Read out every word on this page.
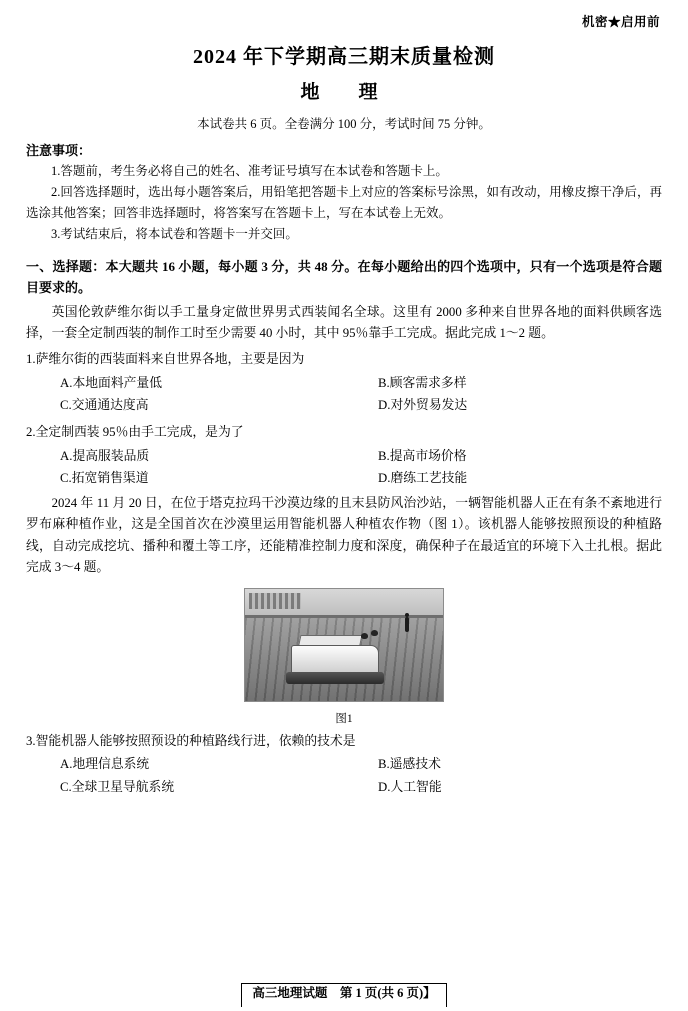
机密★启用前
2024 年下学期高三期末质量检测
地　理
本试卷共 6 页。全卷满分 100 分，考试时间 75 分钟。
注意事项：
1.答题前，考生务必将自己的姓名、准考证号填写在本试卷和答题卡上。
2.回答选择题时，选出每小题答案后，用铅笔把答题卡上对应的答案标号涂黑，如有改动，用橡皮擦干净后，再选涂其他答案；回答非选择题时，将答案写在答题卡上，写在本试卷上无效。
3.考试结束后，将本试卷和答题卡一并交回。
一、选择题：本大题共 16 小题，每小题 3 分，共 48 分。在每小题给出的四个选项中，只有一个选项是符合题目要求的。
英国伦敦萨维尔街以手工量身定做世界男式西装闻名全球。这里有 2000 多种来自世界各地的面料供顾客选择，一套全定制西装的制作工时至少需要 40 小时，其中 95％靠手工完成。据此完成 1～2 题。
1.萨维尔街的西装面料来自世界各地，主要是因为
A.本地面料产量低	B.顾客需求多样
C.交通通达度高	D.对外贸易发达
2.全定制西装 95％由手工完成，是为了
A.提高服装品质	B.提高市场价格
C.拓宽销售渠道	D.磨练工艺技能
2024 年 11 月 20 日，在位于塔克拉玛干沙漠边缘的且末县防风治沙站，一辆智能机器人正在有条不紊地进行罗布麻种植作业，这是全国首次在沙漠里运用智能机器人种植农作物（图 1）。该机器人能够按照预设的种植路线，自动完成挖坑、播种和覆土等工序，还能精准控制力度和深度，确保种子在最适宜的环境下入土扎根。据此完成 3～4 题。
图1
3.智能机器人能够按照预设的种植路线行进，依赖的技术是
A.地理信息系统	B.遥感技术
C.全球卫星导航系统	D.人工智能
高三地理试题 第 1 页(共 6 页)】
